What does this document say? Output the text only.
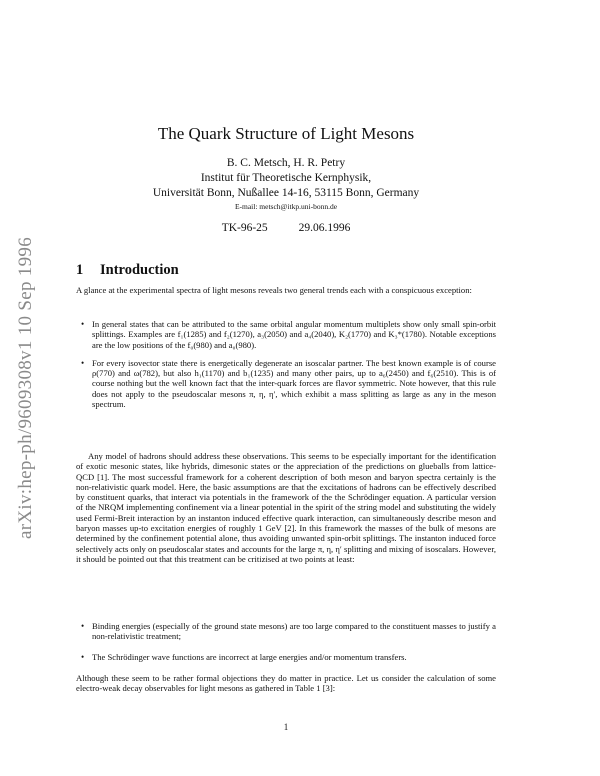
arXiv:hep-ph/9609308v1 10 Sep 1996
The Quark Structure of Light Mesons
B. C. Metsch, H. R. Petry
Institut für Theoretische Kernphysik,
Universität Bonn, Nußallee 14-16, 53115 Bonn, Germany
E-mail: metsch@itkp.uni-bonn.de
TK-96-25	29.06.1996
1 Introduction

A glance at the experimental spectra of light mesons reveals two general trends each with a conspicuous exception:

• In general states that can be attributed to the same orbital angular momentum multiplets show only small spin-orbit splittings. Examples are f₁(1285) and f₂(1270), a₃(2050) and a₄(2040), K₂(1770) and K₃*(1780). Notable exceptions are the low positions of the f₀(980) and a₀(980).
• For every isovector state there is energetically degenerate an isoscalar partner. The best known example is of course ρ(770) and ω(782), but also h₁(1170) and b₁(1235) and many other pairs, up to a₆(2450) and f₆(2510). This is of course nothing but the well known fact that the inter-quark forces are flavor symmetric. Note however, that this rule does not apply to the pseudoscalar mesons π, η, η′, which exhibit a mass splitting as large as any in the meson spectrum.

Any model of hadrons should address these observations. This seems to be especially important for the identification of exotic mesonic states, like hybrids, dimesonic states or the appreciation of the predictions on glueballs from lattice-QCD [1]. The most successful framework for a coherent description of both meson and baryon spectra certainly is the non-relativistic quark model. Here, the basic assumptions are that the excitations of hadrons can be effectively described by constituent quarks, that interact via potentials in the framework of the the Schrödinger equation. A particular version of the NRQM implementing confinement via a linear potential in the spirit of the string model and substituting the widely used Fermi-Breit interaction by an instanton induced effective quark interaction, can simultaneously describe meson and baryon masses up-to excitation energies of roughly 1 GeV [2]. In this framework the masses of the bulk of mesons are determined by the confinement potential alone, thus avoiding unwanted spin-orbit splittings. The instanton induced force selectively acts only on pseudoscalar states and accounts for the large π, η, η′ splitting and mixing of isoscalars. However, it should be pointed out that this treatment can be critizised at two points at least:

• Binding energies (especially of the ground state mesons) are too large compared to the constituent masses to justify a non-relativistic treatment;
• The Schrödinger wave functions are incorrect at large energies and/or momentum transfers.

Although these seem to be rather formal objections they do matter in practice. Let us consider the calculation of some electro-weak decay observables for light mesons as gathered in Table 1 [3]:

1
